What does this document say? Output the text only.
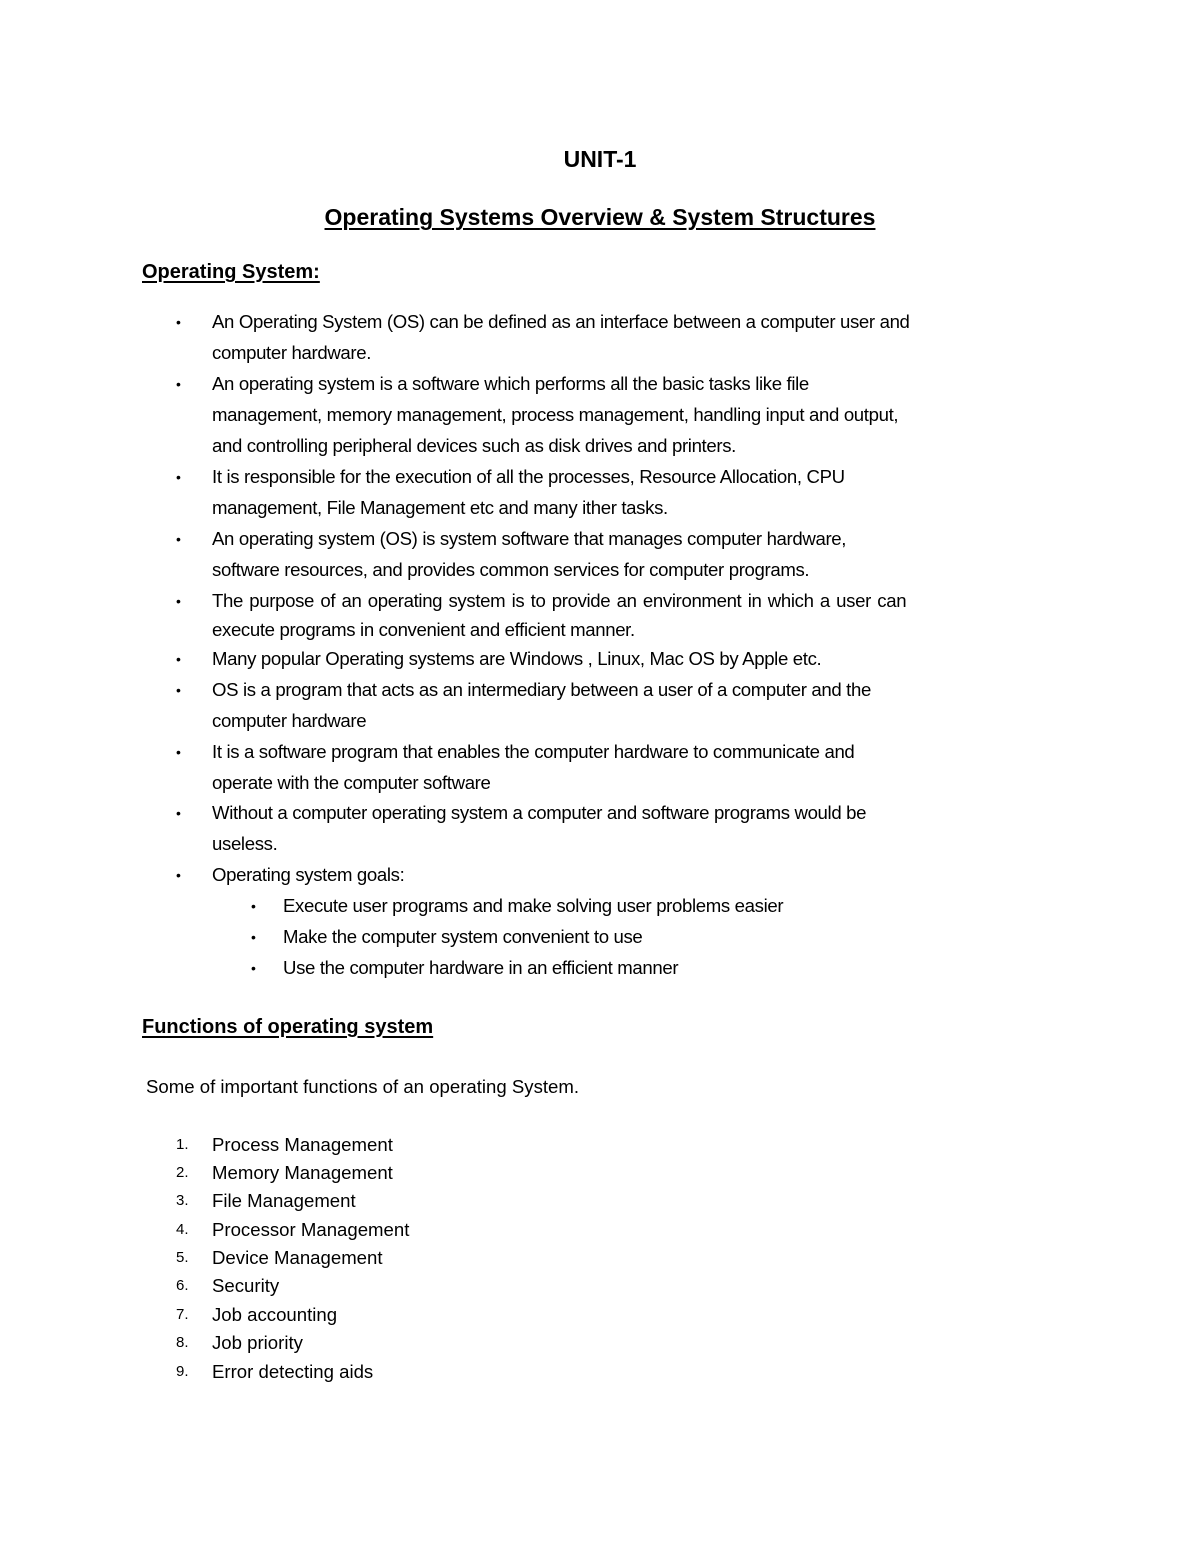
UNIT-1
Operating Systems Overview & System Structures
Operating System:
• An Operating System (OS) can be defined as an interface between a computer user and
computer hardware.
• An operating system is a software which performs all the basic tasks like file
management, memory management, process management, handling input and output,
and controlling peripheral devices such as disk drives and printers.
• It is responsible for the execution of all the processes, Resource Allocation, CPU
management, File Management etc and many ither tasks.
• An operating system (OS) is system software that manages computer hardware,
software resources, and provides common services for computer programs.
• The purpose of an operating system is to provide an environment in which a user can
execute programs in convenient and efficient manner.
• Many popular Operating systems are Windows , Linux, Mac OS by Apple etc.
• OS is a program that acts as an intermediary between a user of a computer and the
computer hardware
• It is a software program that enables the computer hardware to communicate and
operate with the computer software
• Without a computer operating system a computer and software programs would be
useless.
• Operating system goals:
• Execute user programs and make solving user problems easier
• Make the computer system convenient to use
• Use the computer hardware in an efficient manner
Functions of operating system
Some of important functions of an operating System.
1. Process Management
2. Memory Management
3. File Management
4. Processor Management
5. Device Management
6. Security
7. Job accounting
8. Job priority
9. Error detecting aids
